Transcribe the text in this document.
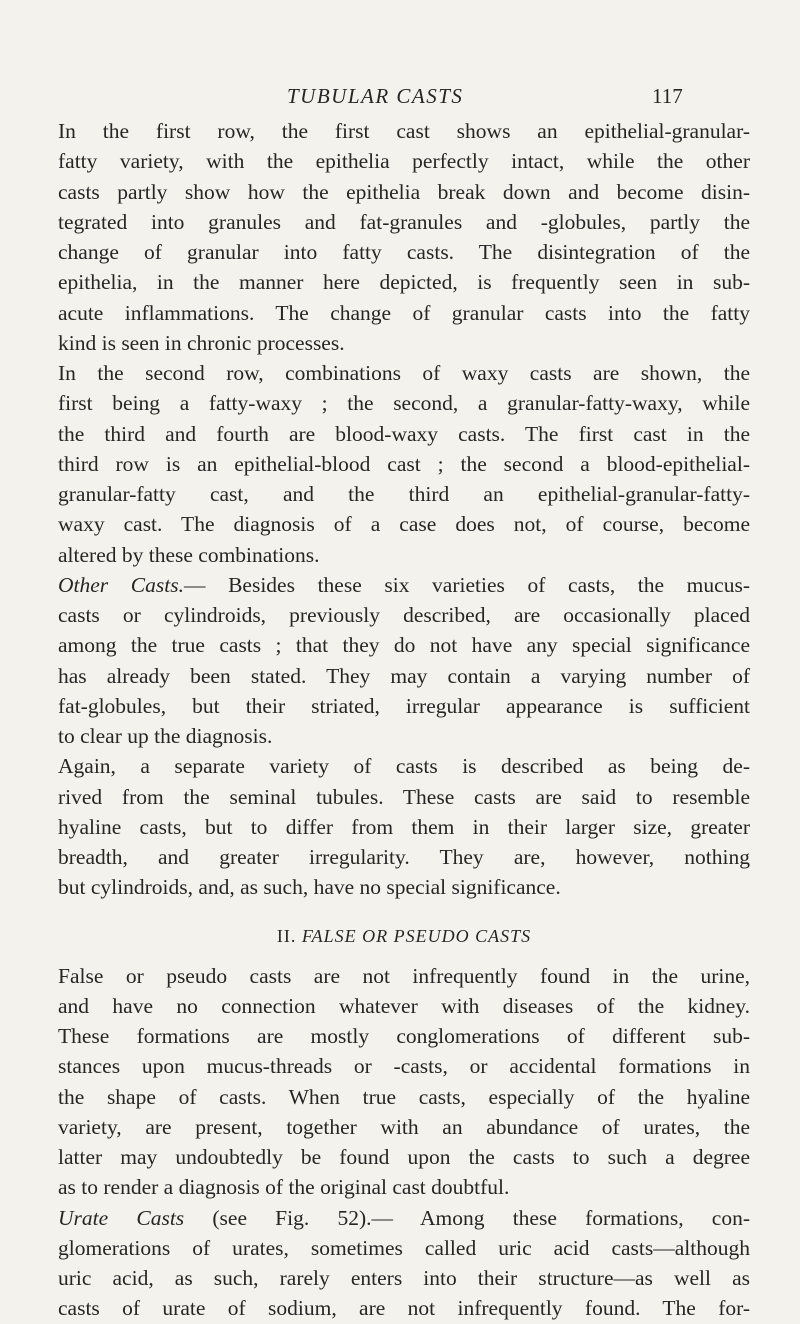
TUBULAR CASTS	117
In the first row, the first cast shows an epithelial-granular-
fatty variety, with the epithelia perfectly intact, while the other
casts partly show how the epithelia break down and become disin-
tegrated into granules and fat-granules and -globules, partly the
change of granular into fatty casts. The disintegration of the
epithelia, in the manner here depicted, is frequently seen in sub-
acute inflammations. The change of granular casts into the fatty
kind is seen in chronic processes.
In the second row, combinations of waxy casts are shown, the
first being a fatty-waxy ; the second, a granular-fatty-waxy, while
the third and fourth are blood-waxy casts. The first cast in the
third row is an epithelial-blood cast ; the second a blood-epithelial-
granular-fatty cast, and the third an epithelial-granular-fatty-
waxy cast. The diagnosis of a case does not, of course, become
altered by these combinations.
Other Casts.— Besides these six varieties of casts, the mucus-
casts or cylindroids, previously described, are occasionally placed
among the true casts ; that they do not have any special significance
has already been stated. They may contain a varying number of
fat-globules, but their striated, irregular appearance is sufficient
to clear up the diagnosis.
Again, a separate variety of casts is described as being de-
rived from the seminal tubules. These casts are said to resemble
hyaline casts, but to differ from them in their larger size, greater
breadth, and greater irregularity. They are, however, nothing
but cylindroids, and, as such, have no special significance.
II. FALSE OR PSEUDO CASTS
False or pseudo casts are not infrequently found in the urine,
and have no connection whatever with diseases of the kidney.
These formations are mostly conglomerations of different sub-
stances upon mucus-threads or -casts, or accidental formations in
the shape of casts. When true casts, especially of the hyaline
variety, are present, together with an abundance of urates, the
latter may undoubtedly be found upon the casts to such a degree
as to render a diagnosis of the original cast doubtful.
Urate Casts (see Fig. 52).— Among these formations, con-
glomerations of urates, sometimes called uric acid casts—although
uric acid, as such, rarely enters into their structure—as well as
casts of urate of sodium, are not infrequently found. The for-
